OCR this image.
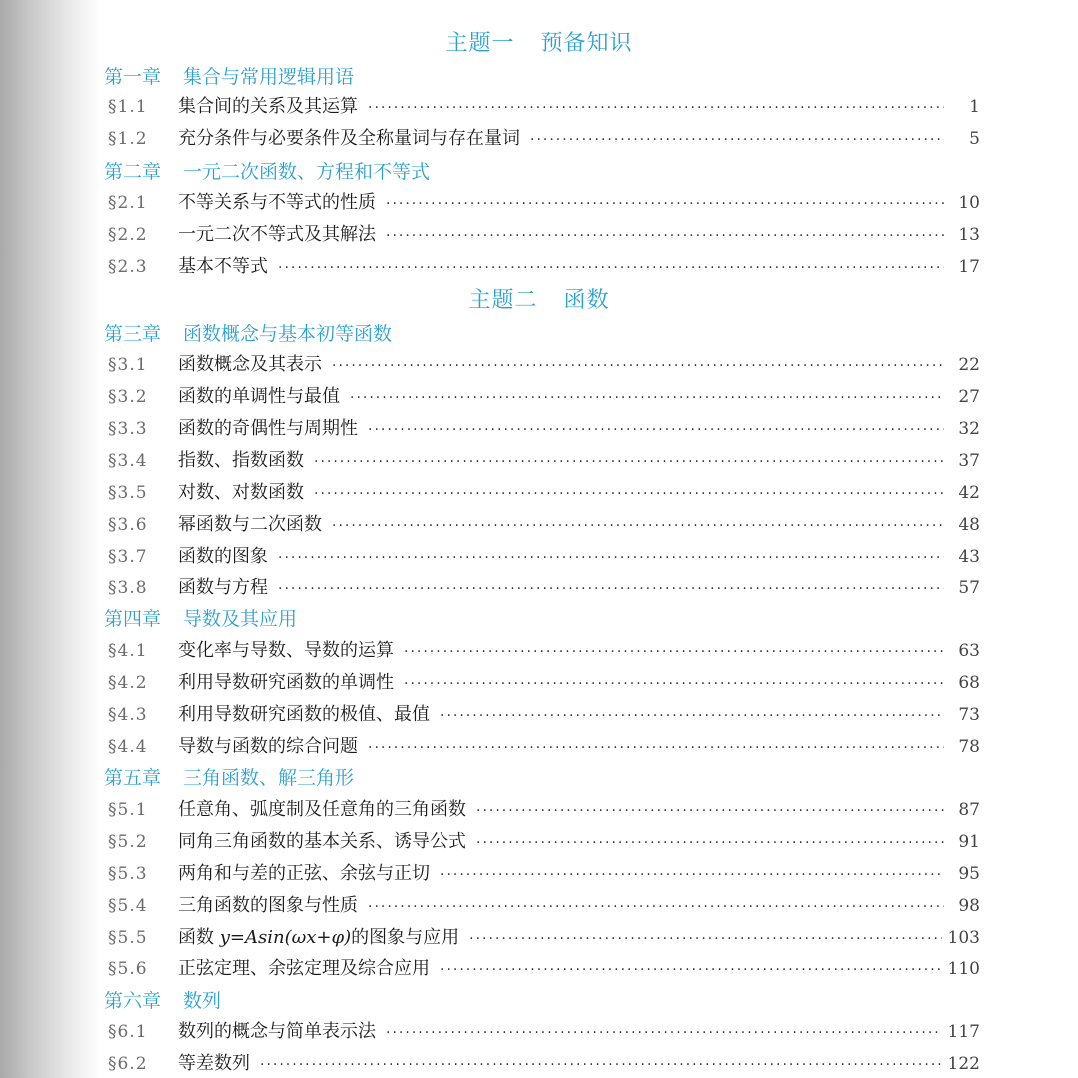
主题一 预备知识
第一章 集合与常用逻辑用语
§1.1	集合间的关系及其运算 ·····	1
§1.2	充分条件与必要条件及全称量词与存在量词 ·····	5
第二章 一元二次函数、方程和不等式
§2.1	不等关系与不等式的性质 ·····	10
§2.2	一元二次不等式及其解法 ·····	13
§2.3	基本不等式 ·····	17
主题二 函数
第三章 函数概念与基本初等函数
§3.1	函数概念及其表示 ·····	22
§3.2	函数的单调性与最值 ·····	27
§3.3	函数的奇偶性与周期性 ·····	32
§3.4	指数、指数函数 ·····	37
§3.5	对数、对数函数 ·····	42
§3.6	幂函数与二次函数 ·····	48
§3.7	函数的图象 ·····	43
§3.8	函数与方程 ·····	57
第四章 导数及其应用
§4.1	变化率与导数、导数的运算 ·····	63
§4.2	利用导数研究函数的单调性 ·····	68
§4.3	利用导数研究函数的极值、最值 ·····	73
§4.4	导数与函数的综合问题 ·····	78
第五章 三角函数、解三角形
§5.1	任意角、弧度制及任意角的三角函数 ·····	87
§5.2	同角三角函数的基本关系、诱导公式 ·····	91
§5.3	两角和与差的正弦、余弦与正切 ·····	95
§5.4	三角函数的图象与性质 ·····	98
§5.5	函数 y=Asin(ωx+φ)的图象与应用 ·····	103
§5.6	正弦定理、余弦定理及综合应用 ·····	110
第六章 数列
§6.1	数列的概念与简单表示法 ·····	117
§6.2	等差数列 ·····	122
